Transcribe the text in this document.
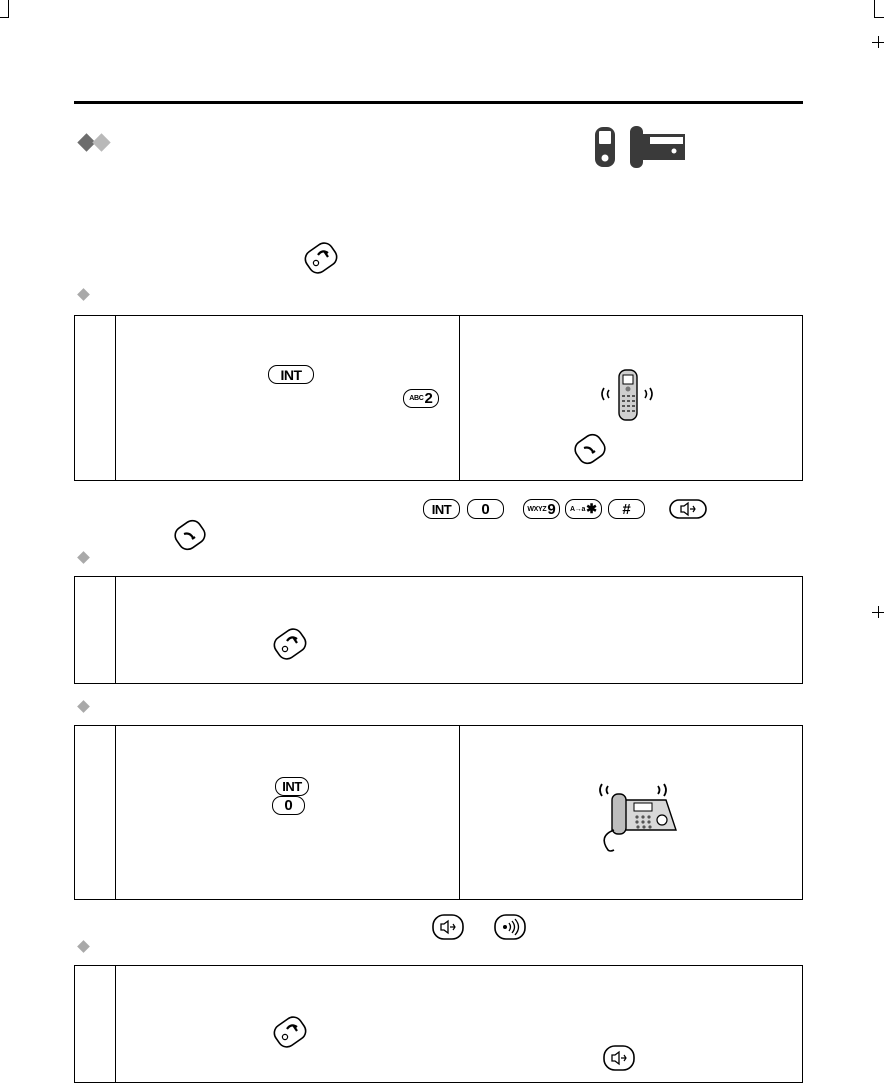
INT
ABC 2
INT 0	WXYZ 9 A→a ✱ #
INT
0
